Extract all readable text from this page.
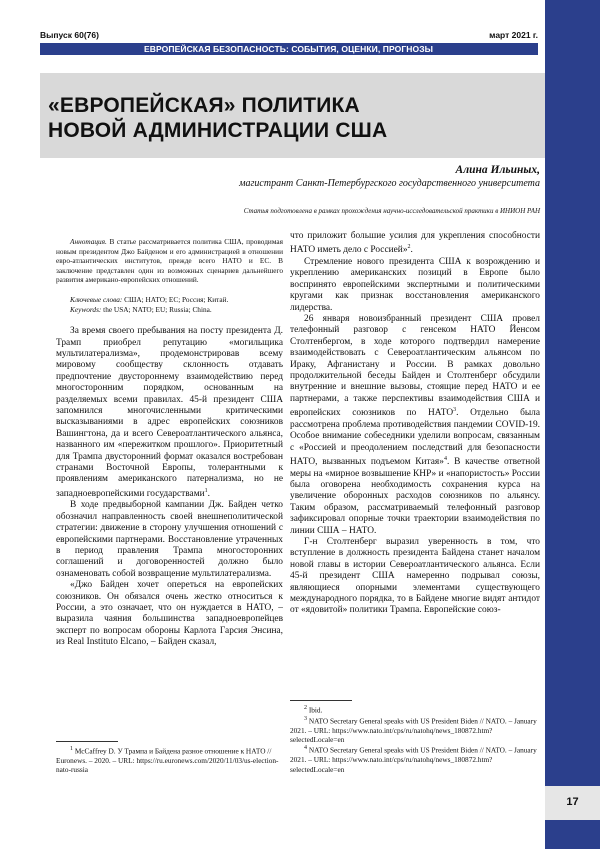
17
Выпуск 60(76)	март 2021 г.
ЕВРОПЕЙСКАЯ БЕЗОПАСНОСТЬ: СОБЫТИЯ, ОЦЕНКИ, ПРОГНОЗЫ
«ЕВРОПЕЙСКАЯ» ПОЛИТИКА
НОВОЙ АДМИНИСТРАЦИИ США
Алина Ильиных,
магистрант Санкт-Петербургского государственного университета
Статья подготовлена в рамках прохождения научно-исследовательской практики в ИНИОН РАН

Аннотация. В статье рассматривается политика США, проводимая новым президентом Джо Байденом и его администрацией в отношении евро-атлантических институтов, прежде всего НАТО и ЕС. В заключение представлен один из возможных сценариев дальнейшего развития американо-европейских отношений.

Ключевые слова: США; НАТО; ЕС; Россия; Китай.

Keywords: the USA; NATO; EU; Russia; China.

За время своего пребывания на посту президента Д. Трамп приобрел репутацию «могильщика мультилатерализма», продемонстрировав всему мировому сообществу склонность отдавать предпочтение двустороннему взаимодействию перед многосторонним порядком, основанным на разделяемых всеми правилах. 45-й президент США запомнился многочисленными критическими высказываниями в адрес европейских союзников Вашингтона, да и всего Североатлантического альянса, названного им «пережитком прошлого». Приоритетный для Трампа двусторонний формат оказался востребован странами Восточной Европы, толерантными к проявлениям американского патернализма, но не западноевропейскими государствами$^1$.

В ходе предвыборной кампании Дж. Байден четко обозначил направленность своей внешнеполитической стратегии: движение в сторону улучшения отношений с европейскими партнерами. Восстановление утраченных в период правления Трампа многосторонних соглашений и договоренностей должно было ознаменовать собой возвращение мультилатерализма.

«Джо Байден хочет опереться на европейских союзников. Он обязался очень жестко относиться к России, а это означает, что он нуждается в НАТО, – выразила чаяния большинства западноевропейцев эксперт по вопросам обороны Карлота Гарсия Энсина, из Real Instituto Elcano, – Байден сказал,

что приложит большие усилия для укрепления способности НАТО иметь дело с Россией»$^2$.

Стремление нового президента США к возрождению и укреплению американских позиций в Европе было воспринято европейскими экспертными и политическими кругами как признак восстановления американского лидерства.

26 января новоизбранный президент США провел телефонный разговор с генсеком НАТО Йенсом Столтенбергом, в ходе которого подтвердил намерение взаимодействовать с Североатлантическим альянсом по Ираку, Афганистану и России. В рамках довольно продолжительной беседы Байден и Столтенберг обсудили внутренние и внешние вызовы, стоящие перед НАТО и ее партнерами, а также перспективы взаимодействия США и европейских союзников по НАТО$^3$. Отдельно была рассмотрена проблема противодействия пандемии COVID-19. Особое внимание собеседники уделили вопросам, связанным с «Россией и преодолением последствий для безопасности НАТО, вызванных подъемом Китая»$^4$. В качестве ответной меры на «мирное возвышение КНР» и «напористость» России была оговорена необходимость сохранения курса на увеличение оборонных расходов союзников по альянсу. Таким образом, рассматриваемый телефонный разговор зафиксировал опорные точки траектории взаимодействия по линии США – НАТО.

Г-н Столтенберг выразил уверенность в том, что вступление в должность президента Байдена станет началом новой главы в истории Североатлантического альянса. Если 45-й президент США намеренно подрывал союзы, являющиеся опорными элементами существующего международного порядка, то в Байдене многие видят антидот от «ядовитой» политики Трампа. Европейские союз-

$^1$ McCaffrey D. У Трампа и Байдена разное отношение к НАТО // Euronews. – 2020. – URL: https://ru.euronews.com/2020/11/03/us-election-nato-russia

$^2$ Ibid.

$^3$ NATO Secretary General speaks with US President Biden // NATO. – January 2021. – URL: https://www.nato.int/cps/ru/natohq/news_180872.htm?selectedLocale=en

$^4$ NATO Secretary General speaks with US President Biden // NATO. – January 2021. – URL: https://www.nato.int/cps/ru/natohq/news_180872.htm?selectedLocale=en
